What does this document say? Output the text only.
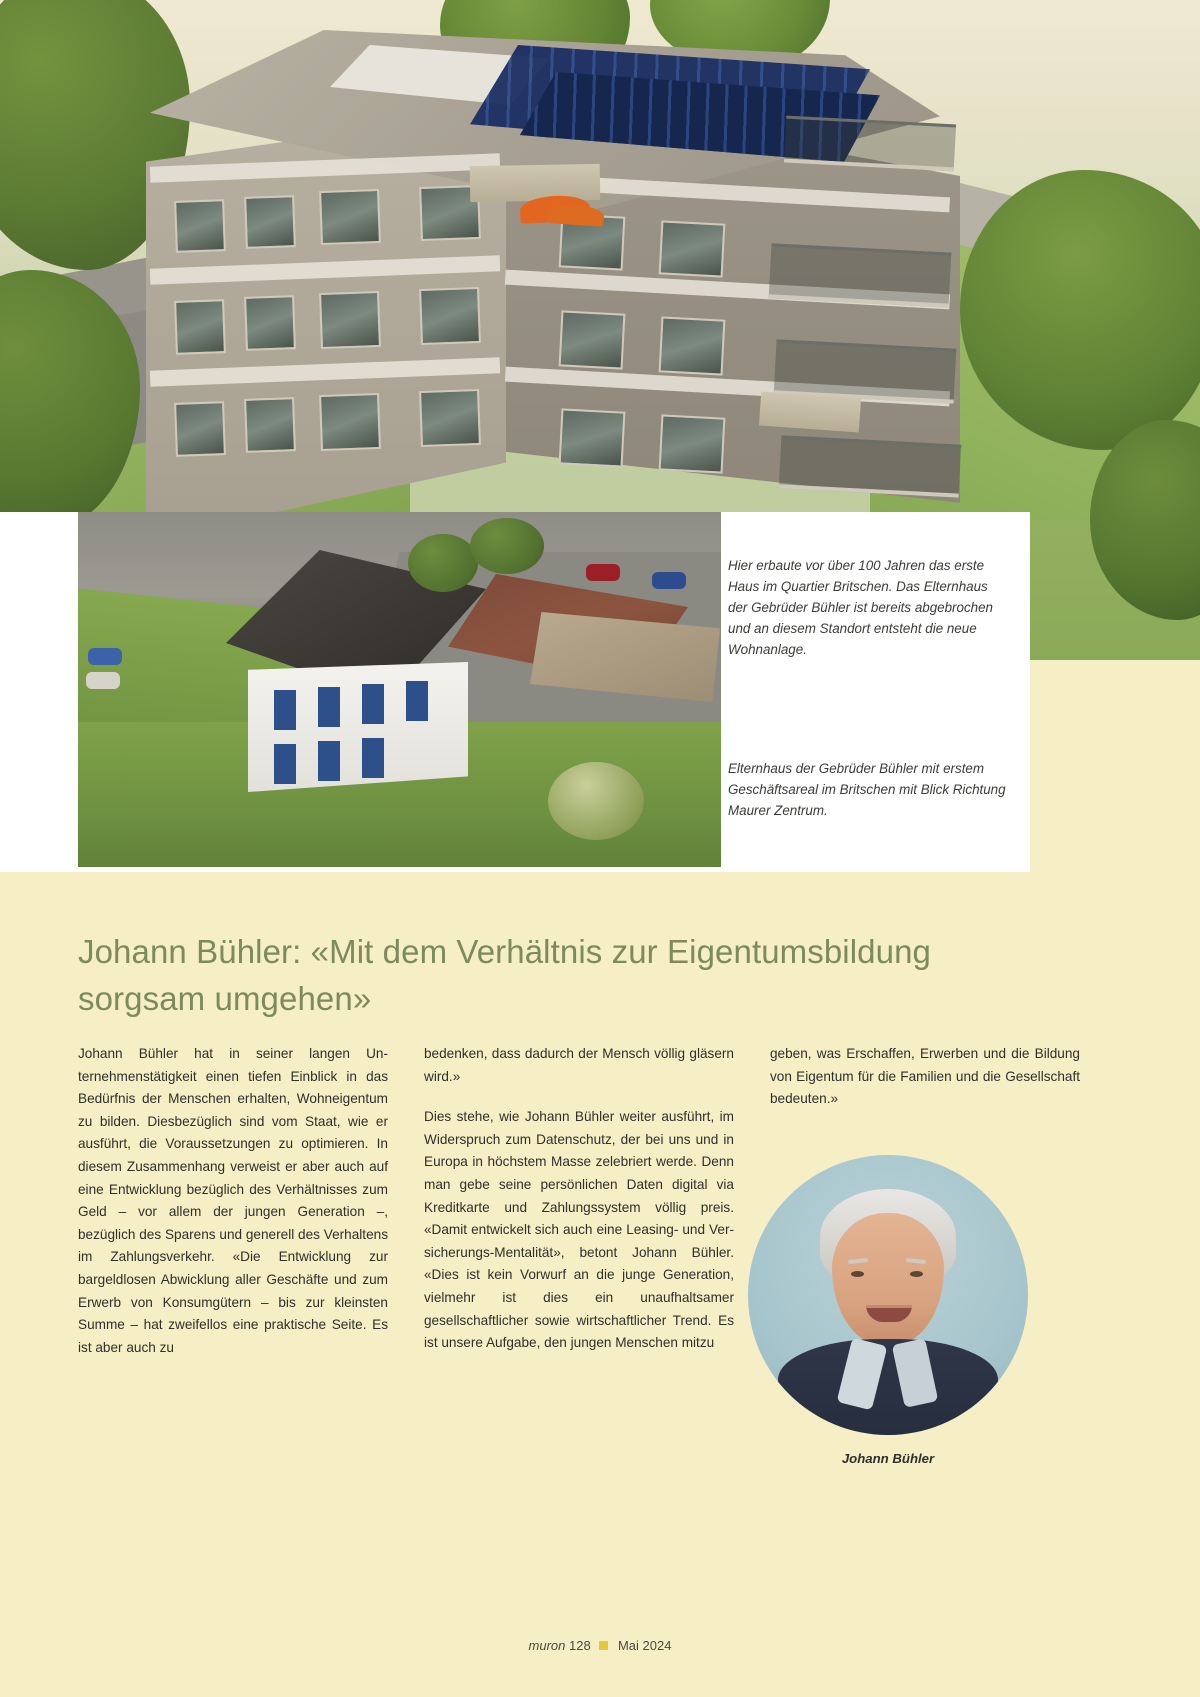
Hier erbaute vor über 100 Jahren das erste Haus im Quartier Britschen. Das Elternhaus der Gebrüder Bühler ist bereits abgebrochen und an diesem Standort entsteht die neue Wohnanlage.
Elternhaus der Gebrüder Bühler mit erstem Geschäftsareal im Britschen mit Blick Richtung Maurer Zentrum.
Johann Bühler: «Mit dem Verhältnis zur Eigentumsbildung sorgsam umgehen»

Johann Bühler hat in seiner langen Unternehmenstätigkeit einen tiefen Einblick in das Bedürfnis der Menschen erhalten, Wohneigentum zu bilden. Diesbezüglich sind vom Staat, wie er ausführt, die Voraussetzungen zu optimieren. In diesem Zusammenhang verweist er aber auch auf eine Entwicklung bezüglich des Verhältnisses zum Geld – vor allem der jungen Generation –, bezüglich des Sparens und generell des Verhaltens im Zahlungsverkehr. «Die Entwicklung zur bargeldlosen Abwicklung aller Geschäfte und zum Erwerb von Konsumgütern – bis zur kleinsten Summe – hat zweifellos eine praktische Seite. Es ist aber auch zu

bedenken, dass dadurch der Mensch völlig gläsern wird.»

Dies stehe, wie Johann Bühler weiter ausführt, im Widerspruch zum Datenschutz, der bei uns und in Europa in höchstem Masse zelebriert werde. Denn man gebe seine persönlichen Daten digital via Kreditkarte und Zahlungssystem völlig preis. «Damit entwickelt sich auch eine Leasing- und Versicherungs-Mentalität», betont Johann Bühler. «Dies ist kein Vorwurf an die junge Generation, vielmehr ist dies ein unaufhaltsamer gesellschaftlicher sowie wirtschaftlicher Trend. Es ist unsere Aufgabe, den jungen Menschen mitzu

geben, was Erschaffen, Erwerben und die Bildung von Eigentum für die Familien und die Gesellschaft bedeuten.»

Johann Bühler
muron 128 Mai 2024
